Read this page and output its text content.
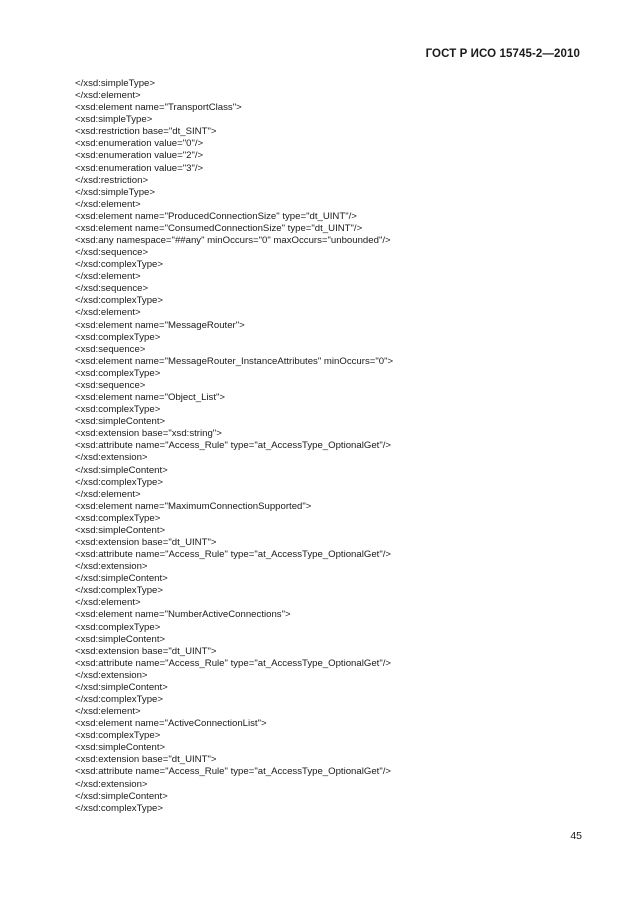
ГОСТ Р ИСО 15745-2—2010
</xsd:simpleType>
</xsd:element>
<xsd:element name="TransportClass">
<xsd:simpleType>
<xsd:restriction base="dt_SINT">
<xsd:enumeration value="0"/>
<xsd:enumeration value="2"/>
<xsd:enumeration value="3"/>
</xsd:restriction>
</xsd:simpleType>
</xsd:element>
<xsd:element name="ProducedConnectionSize" type="dt_UINT"/>
<xsd:element name="ConsumedConnectionSize" type="dt_UINT"/>
<xsd:any namespace="##any" minOccurs="0" maxOccurs="unbounded"/>
</xsd:sequence>
</xsd:complexType>
</xsd:element>
</xsd:sequence>
</xsd:complexType>
</xsd:element>
<xsd:element name="MessageRouter">
<xsd:complexType>
<xsd:sequence>
<xsd:element name="MessageRouter_InstanceAttributes" minOccurs="0">
<xsd:complexType>
<xsd:sequence>
<xsd:element name="Object_List">
<xsd:complexType>
<xsd:simpleContent>
<xsd:extension base="xsd:string">
<xsd:attribute name="Access_Rule" type="at_AccessType_OptionalGet"/>
</xsd:extension>
</xsd:simpleContent>
</xsd:complexType>
</xsd:element>
<xsd:element name="MaximumConnectionSupported">
<xsd:complexType>
<xsd:simpleContent>
<xsd:extension base="dt_UINT">
<xsd:attribute name="Access_Rule" type="at_AccessType_OptionalGet"/>
</xsd:extension>
</xsd:simpleContent>
</xsd:complexType>
</xsd:element>
<xsd:element name="NumberActiveConnections">
<xsd:complexType>
<xsd:simpleContent>
<xsd:extension base="dt_UINT">
<xsd:attribute name="Access_Rule" type="at_AccessType_OptionalGet"/>
</xsd:extension>
</xsd:simpleContent>
</xsd:complexType>
</xsd:element>
<xsd:element name="ActiveConnectionList">
<xsd:complexType>
<xsd:simpleContent>
<xsd:extension base="dt_UINT">
<xsd:attribute name="Access_Rule" type="at_AccessType_OptionalGet"/>
</xsd:extension>
</xsd:simpleContent>
</xsd:complexType>
45
